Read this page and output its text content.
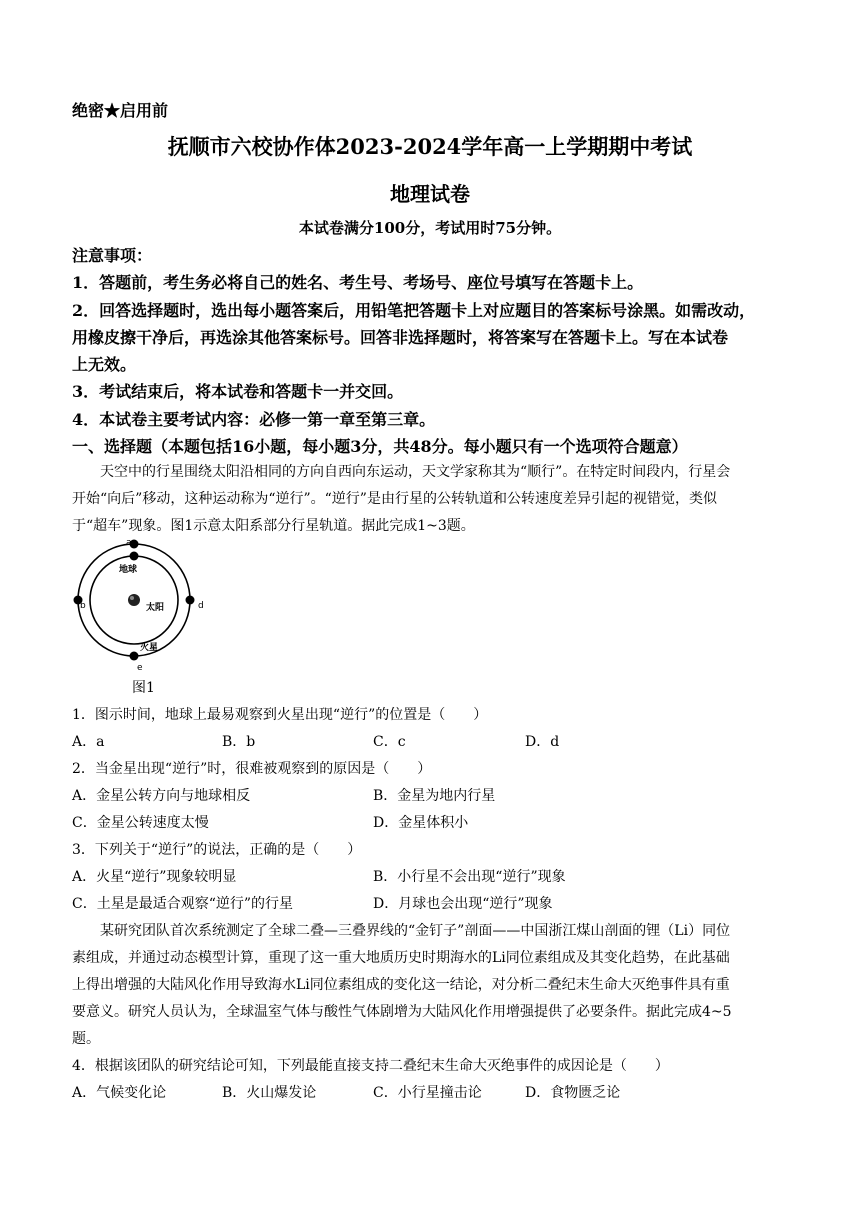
绝密★启用前
抚顺市六校协作体2023-2024学年高一上学期期中考试
地理试卷
本试卷满分100分，考试用时75分钟。
注意事项：
1．答题前，考生务必将自己的姓名、考生号、考场号、座位号填写在答题卡上。
2．回答选择题时，选出每小题答案后，用铅笔把答题卡上对应题目的答案标号涂黑。如需改动，
用橡皮擦干净后，再选涂其他答案标号。回答非选择题时，将答案写在答题卡上。写在本试卷
上无效。
3．考试结束后，将本试卷和答题卡一并交回。
4．本试卷主要考试内容：必修一第一章至第三章。
一、选择题（本题包括16小题，每小题3分，共48分。每小题只有一个选项符合题意）
天空中的行星围绕太阳沿相同的方向自西向东运动，天文学家称其为“顺行”。在特定时间段内，行星会
开始“向后”移动，这种运动称为“逆行”。“逆行”是由行星的公转轨道和公转速度差异引起的视错觉，类似
于“超车”现象。图1示意太阳系部分行星轨道。据此完成1~3题。
a
地球
b	太阳	d
火星
e
图1
1．图示时间，地球上最易观察到火星出现“逆行”的位置是（　　）
A．a	B．b	C．c	D．d
2．当金星出现“逆行”时，很难被观察到的原因是（　　）
A．金星公转方向与地球相反	B．金星为地内行星
C．金星公转速度太慢	D．金星体积小
3．下列关于“逆行”的说法，正确的是（　　）
A．火星“逆行”现象较明显	B．小行星不会出现“逆行”现象
C．土星是最适合观察“逆行”的行星	D．月球也会出现“逆行”现象
某研究团队首次系统测定了全球二叠—三叠界线的“金钉子”剖面——中国浙江煤山剖面的锂（Li）同位
素组成，并通过动态模型计算，重现了这一重大地质历史时期海水的Li同位素组成及其变化趋势，在此基础
上得出增强的大陆风化作用导致海水Li同位素组成的变化这一结论，对分析二叠纪末生命大灭绝事件具有重
要意义。研究人员认为，全球温室气体与酸性气体剧增为大陆风化作用增强提供了必要条件。据此完成4~5
题。
4．根据该团队的研究结论可知，下列最能直接支持二叠纪末生命大灭绝事件的成因论是（　　）
A．气候变化论	B．火山爆发论	C．小行星撞击论	D．食物匮乏论
